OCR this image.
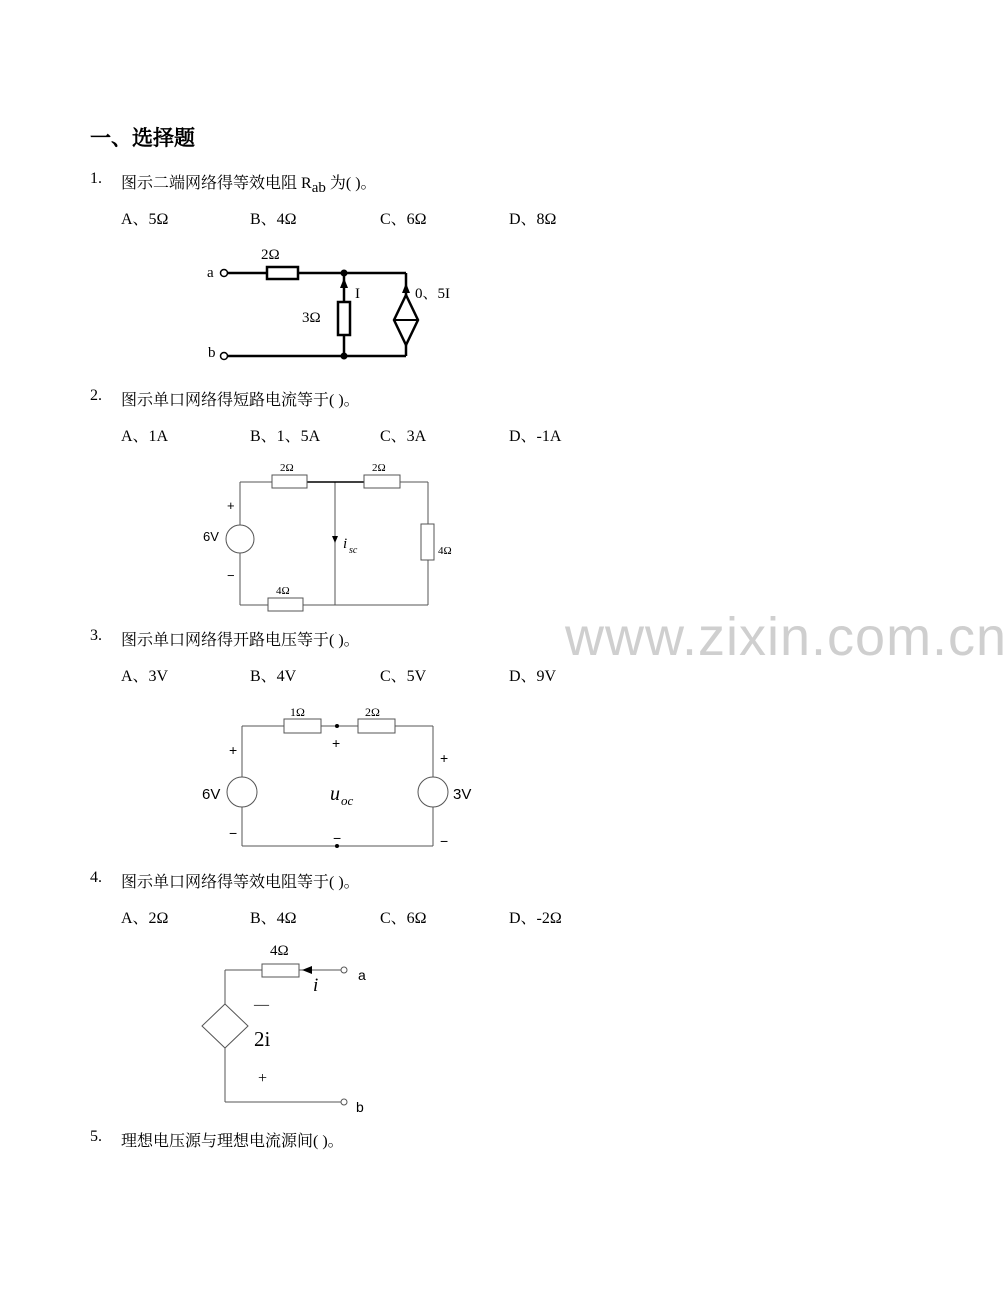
一、选择题
www.zixin.com.cn
1. 图示二端网络得等效电阻 $R_{ab}$ 为( )。
A、5Ω	B、4Ω	C、6Ω	D、8Ω
a
b
2Ω
3Ω
I	0、5I
2. 图示单口网络得短路电流等于( )。
A、1A	B、1、5A	C、3A	D、-1A
2Ω	2Ω
4Ω
4Ω
6V
+
−
i sc
3. 图示单口网络得开路电压等于( )。
A、3V	B、4V	C、5V	D、9V
1Ω	2Ω
6V	3V
+
−
+
−
+
−
u oc
4. 图示单口网络得等效电阻等于( )。
A、2Ω	B、4Ω	C、6Ω	D、-2Ω
4Ω
i	a
b
—
2i
+
5. 理想电压源与理想电流源间( )。
